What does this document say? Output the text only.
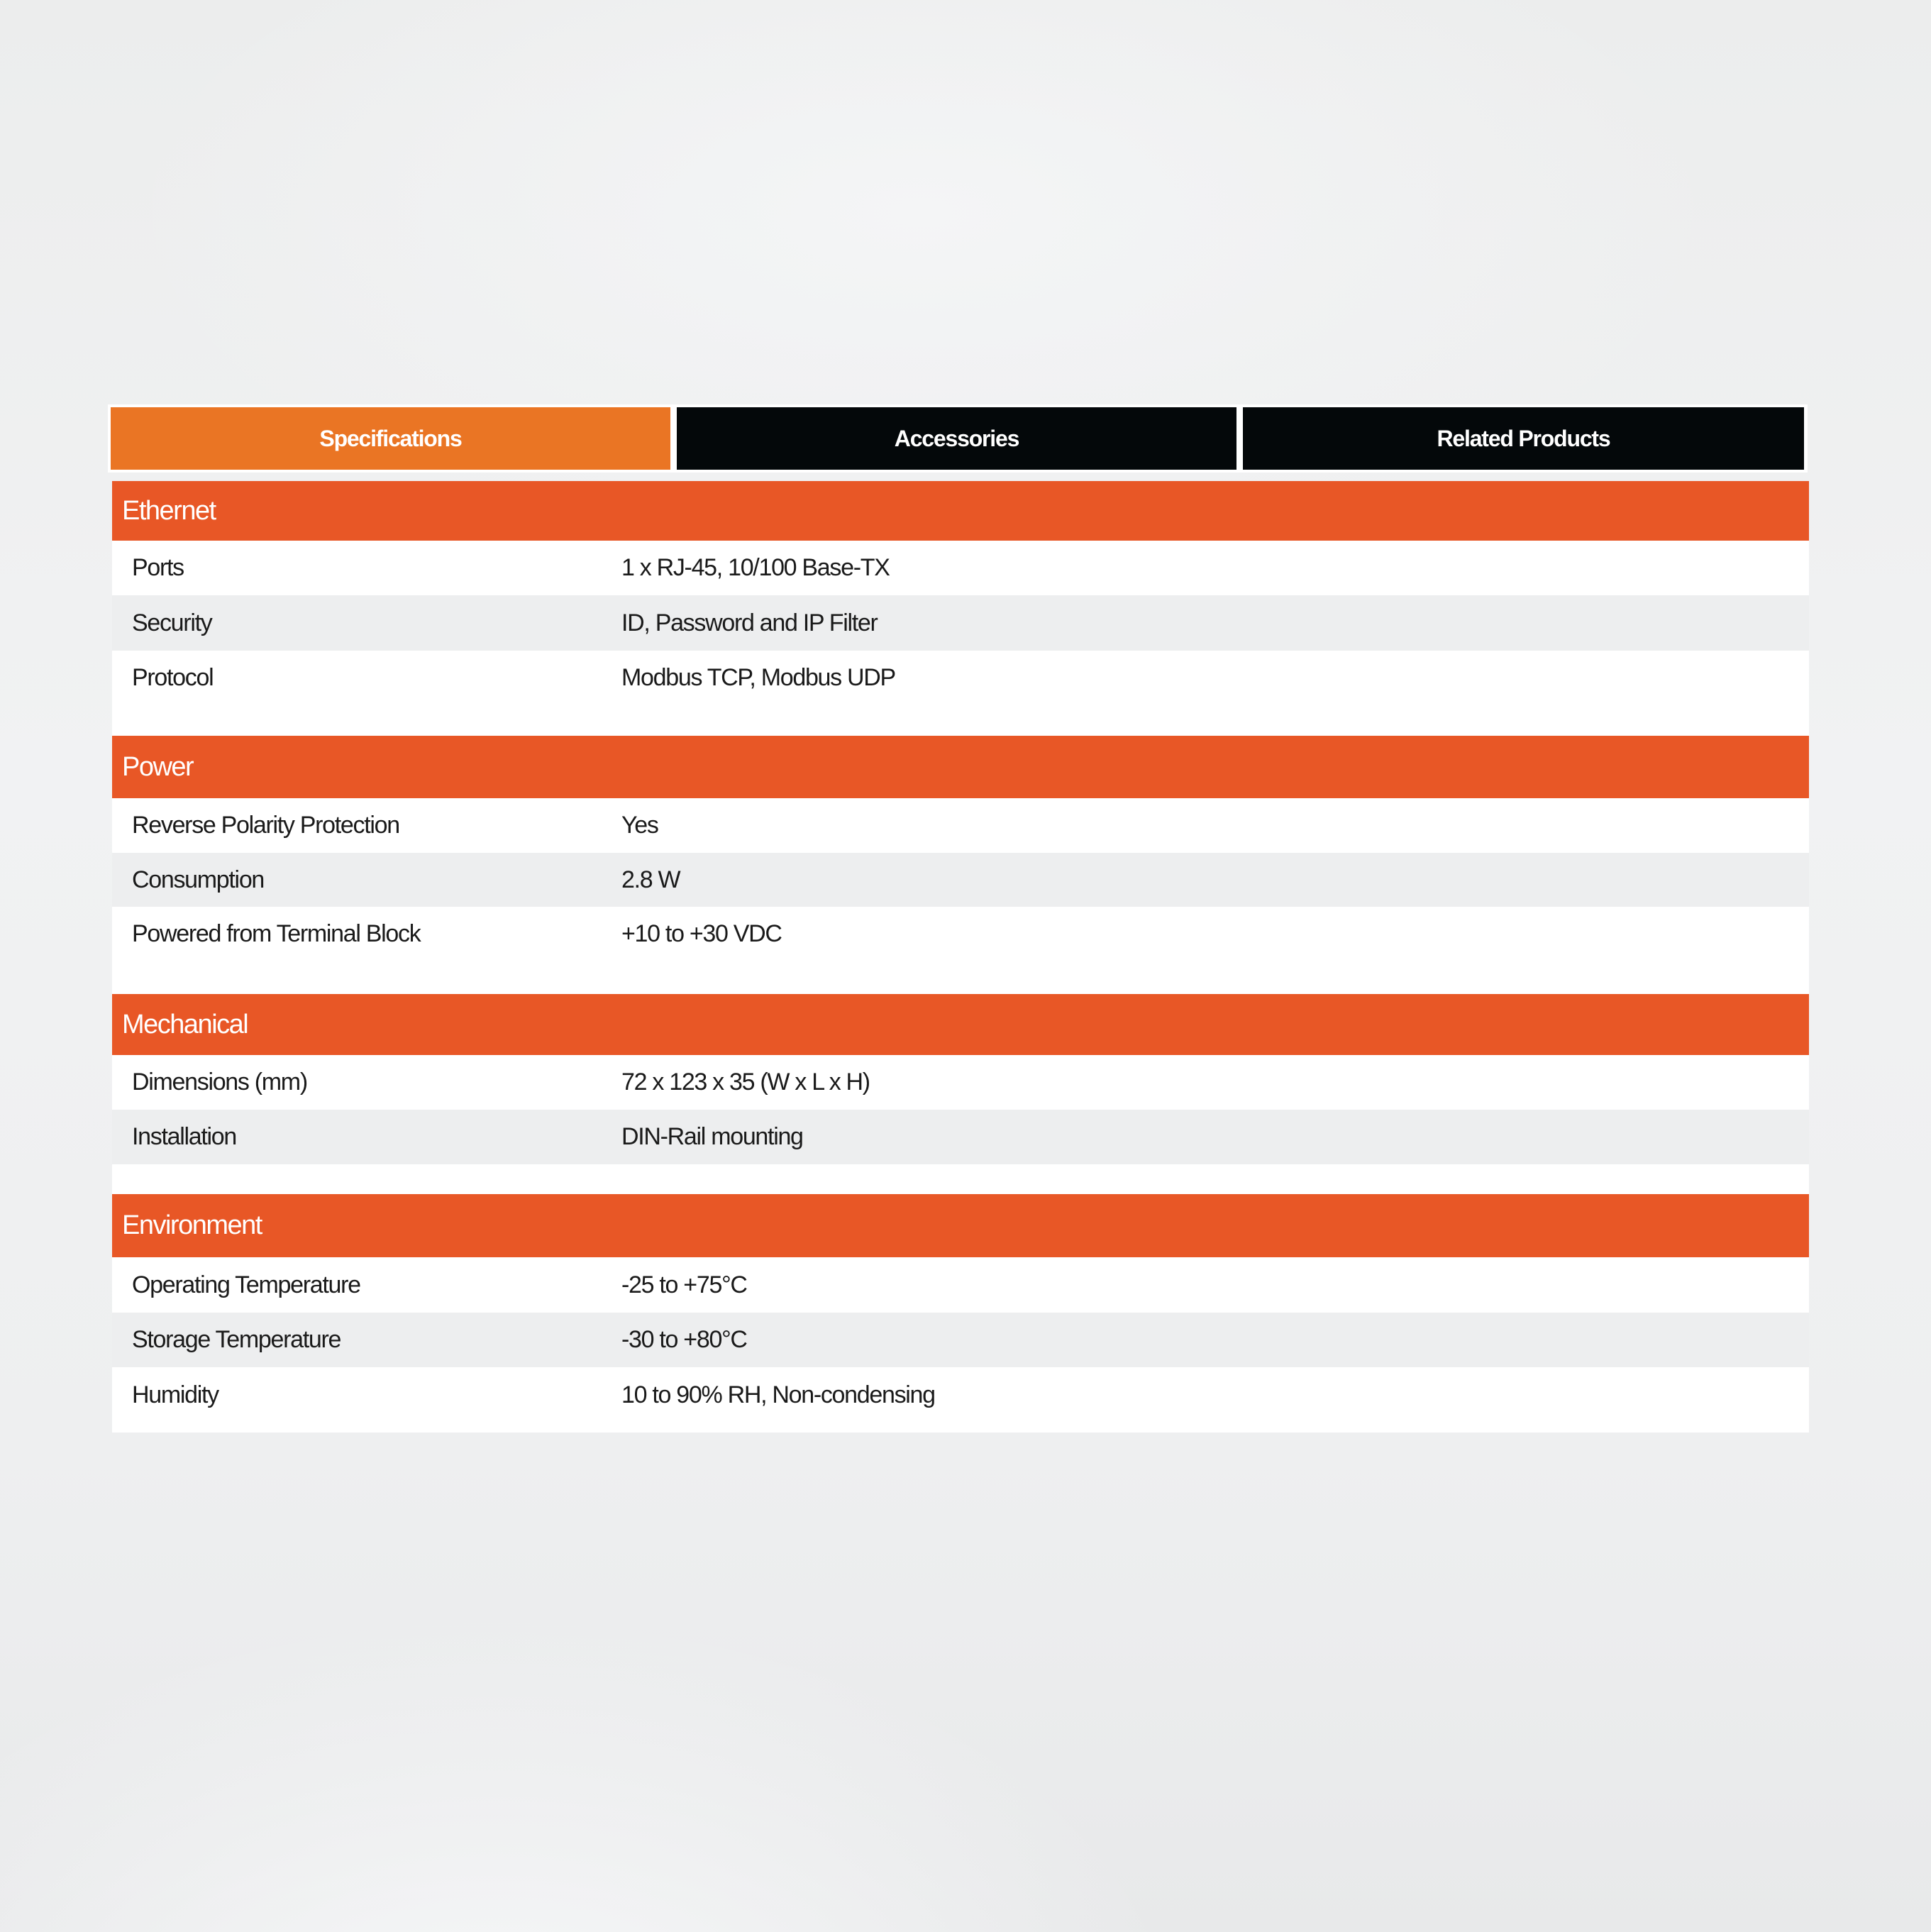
Specifications	Accessories	Related Products
Ethernet
Ports	1 x RJ-45, 10/100 Base-TX
Security	ID, Password and IP Filter
Protocol	Modbus TCP, Modbus UDP
Power
Reverse Polarity Protection	Yes
Consumption	2.8 W
Powered from Terminal Block	+10 to +30 VDC
Mechanical
Dimensions (mm)	72 x 123 x 35 (W x L x H)
Installation	DIN-Rail mounting
Environment
Operating Temperature	-25 to +75°C
Storage Temperature	-30 to +80°C
Humidity	10 to 90% RH, Non-condensing
